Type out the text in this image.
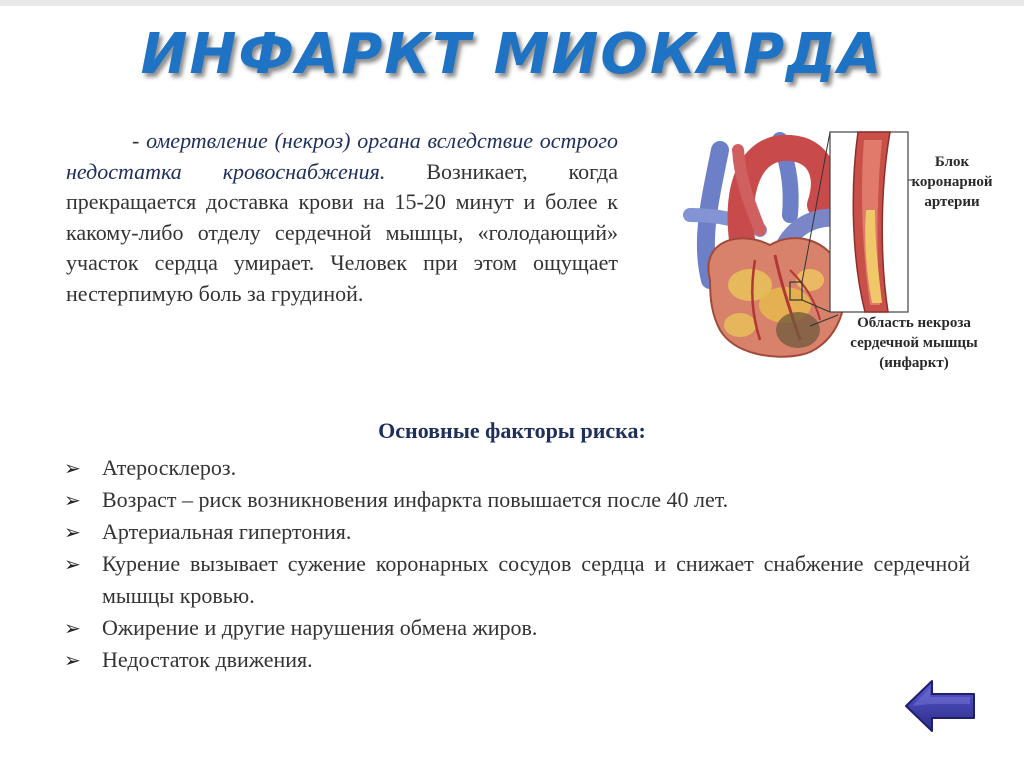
ИНФАРКТ МИОКАРДА
- омертвление (некроз) органа вследствие острого недостатка кровоснабжения. Возникает, когда прекращается доставка крови на 15-20 минут и более к какому-либо отделу сердечной мышцы, «голодающий» участок сердца умирает. Человек при этом ощущает нестерпимую боль за грудиной.
Блок коронарной артерии
Область некроза сердечной мышцы (инфаркт)
Основные факторы риска:
➢ Атеросклероз.
➢ Возраст – риск возникновения инфаркта повышается после 40 лет.
➢ Артериальная гипертония.
➢ Курение вызывает сужение коронарных сосудов сердца и снижает снабжение сердечной мышцы кровью.
➢ Ожирение и другие нарушения обмена жиров.
➢ Недостаток движения.
